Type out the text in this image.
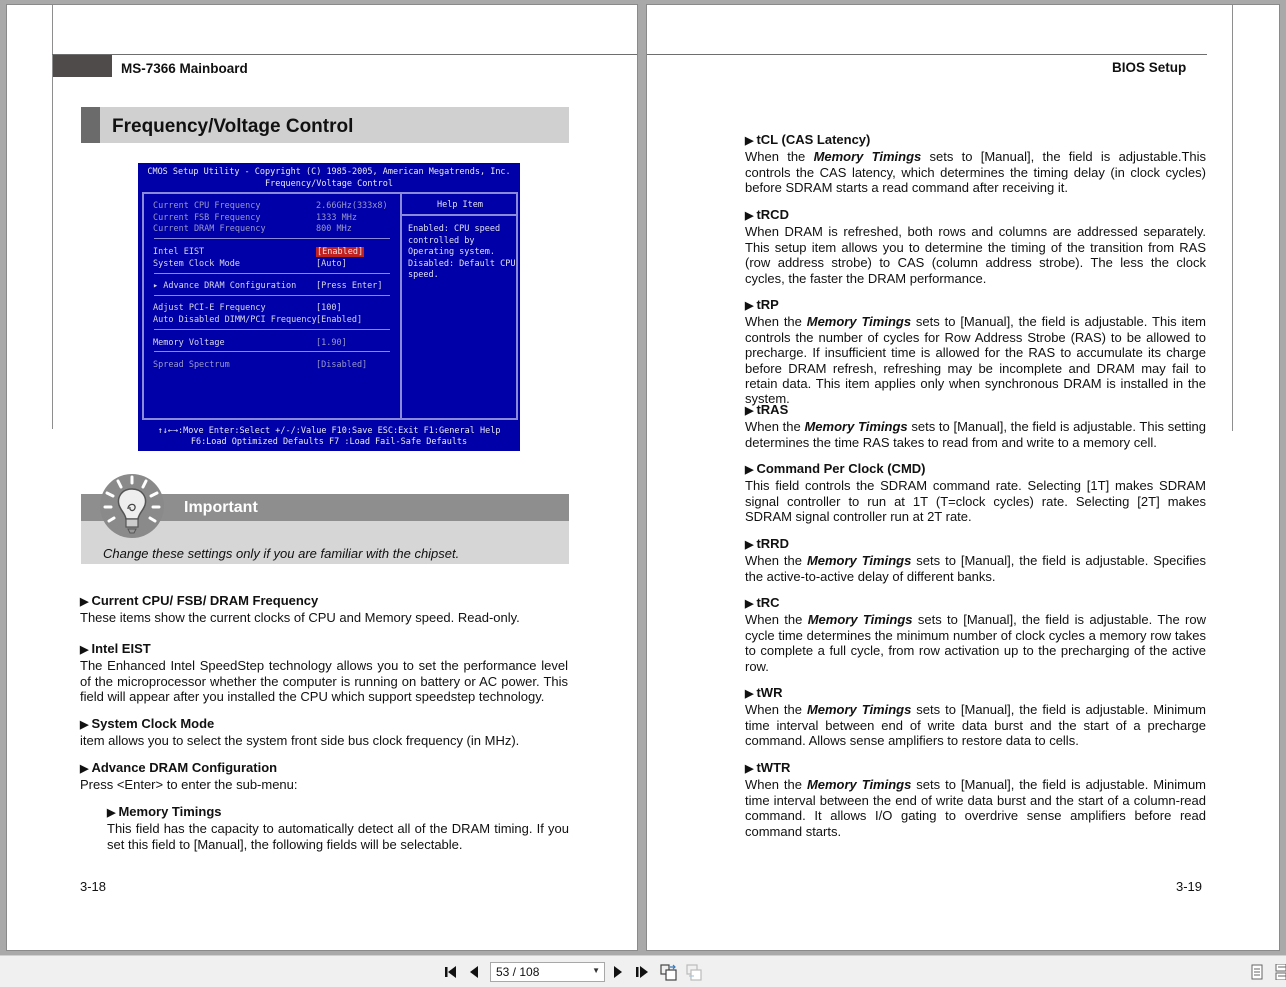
MS-7366 Mainboard
Frequency/Voltage Control
CMOS Setup Utility - Copyright (C) 1985-2005, American Megatrends, Inc.
Frequency/Voltage Control
Help Item
Enabled: CPU speed controlled by Operating system. Disabled: Default CPU speed.
Current CPU Frequency	2.66GHz(333x8)
Current FSB Frequency	1333 MHz
Current DRAM Frequency	800 MHz
Intel EIST	[Enabled]
System Clock Mode	[Auto]
▸ Advance DRAM Configuration [Press Enter]
Adjust PCI-E Frequency	[100]
Auto Disabled DIMM/PCI Frequency [Enabled]
Memory Voltage	[1.90]
Spread Spectrum	[Disabled]
↑↓←→:Move Enter:Select +/-/:Value F10:Save ESC:Exit F1:General Help
F6:Load Optimized Defaults F7 :Load Fail-Safe Defaults
Important
Change these settings only if you are familiar with the chipset.
▶ Current CPU/ FSB/ DRAM Frequency
These items show the current clocks of CPU and Memory speed. Read-only.
▶ Intel EIST
The Enhanced Intel SpeedStep technology allows you to set the performance level of the microprocessor whether the computer is running on battery or AC power. This field will appear after you installed the CPU which support speedstep technology.
▶ System Clock Mode
item allows you to select the system front side bus clock frequency (in MHz).
▶ Advance DRAM Configuration
Press <Enter> to enter the sub-menu:
▶ Memory Timings
This field has the capacity to automatically detect all of the DRAM timing. If you set this field to [Manual], the following fields will be selectable.
3-18
BIOS Setup
▶ tCL (CAS Latency)
When the Memory Timings sets to [Manual], the field is adjustable.This controls the CAS latency, which determines the timing delay (in clock cycles) before SDRAM starts a read command after receiving it.
▶ tRCD
When DRAM is refreshed, both rows and columns are addressed separately. This setup item allows you to determine the timing of the transition from RAS (row address strobe) to CAS (column address strobe). The less the clock cycles, the faster the DRAM performance.
▶ tRP
When the Memory Timings sets to [Manual], the field is adjustable. This item controls the number of cycles for Row Address Strobe (RAS) to be allowed to precharge. If insufficient time is allowed for the RAS to accumulate its charge before DRAM refresh, refreshing may be incomplete and DRAM may fail to retain data. This item applies only when synchronous DRAM is installed in the system.
▶ tRAS
When the Memory Timings sets to [Manual], the field is adjustable. This setting determines the time RAS takes to read from and write to a memory cell.
▶ Command Per Clock (CMD)
This field controls the SDRAM command rate. Selecting [1T] makes SDRAM signal controller to run at 1T (T=clock cycles) rate. Selecting [2T] makes SDRAM signal controller run at 2T rate.
▶ tRRD
When the Memory Timings sets to [Manual], the field is adjustable. Specifies the active-to-active delay of different banks.
▶ tRC
When the Memory Timings sets to [Manual], the field is adjustable. The row cycle time determines the minimum number of clock cycles a memory row takes to complete a full cycle, from row activation up to the precharging of the active row.
▶ tWR
When the Memory Timings sets to [Manual], the field is adjustable. Minimum time interval between end of write data burst and the start of a precharge command. Allows sense amplifiers to restore data to cells.
▶ tWTR
When the Memory Timings sets to [Manual], the field is adjustable. Minimum time interval between the end of write data burst and the start of a column-read command. It allows I/O gating to overdrive sense amplifiers before read command starts.
3-19
53 / 108	▼
